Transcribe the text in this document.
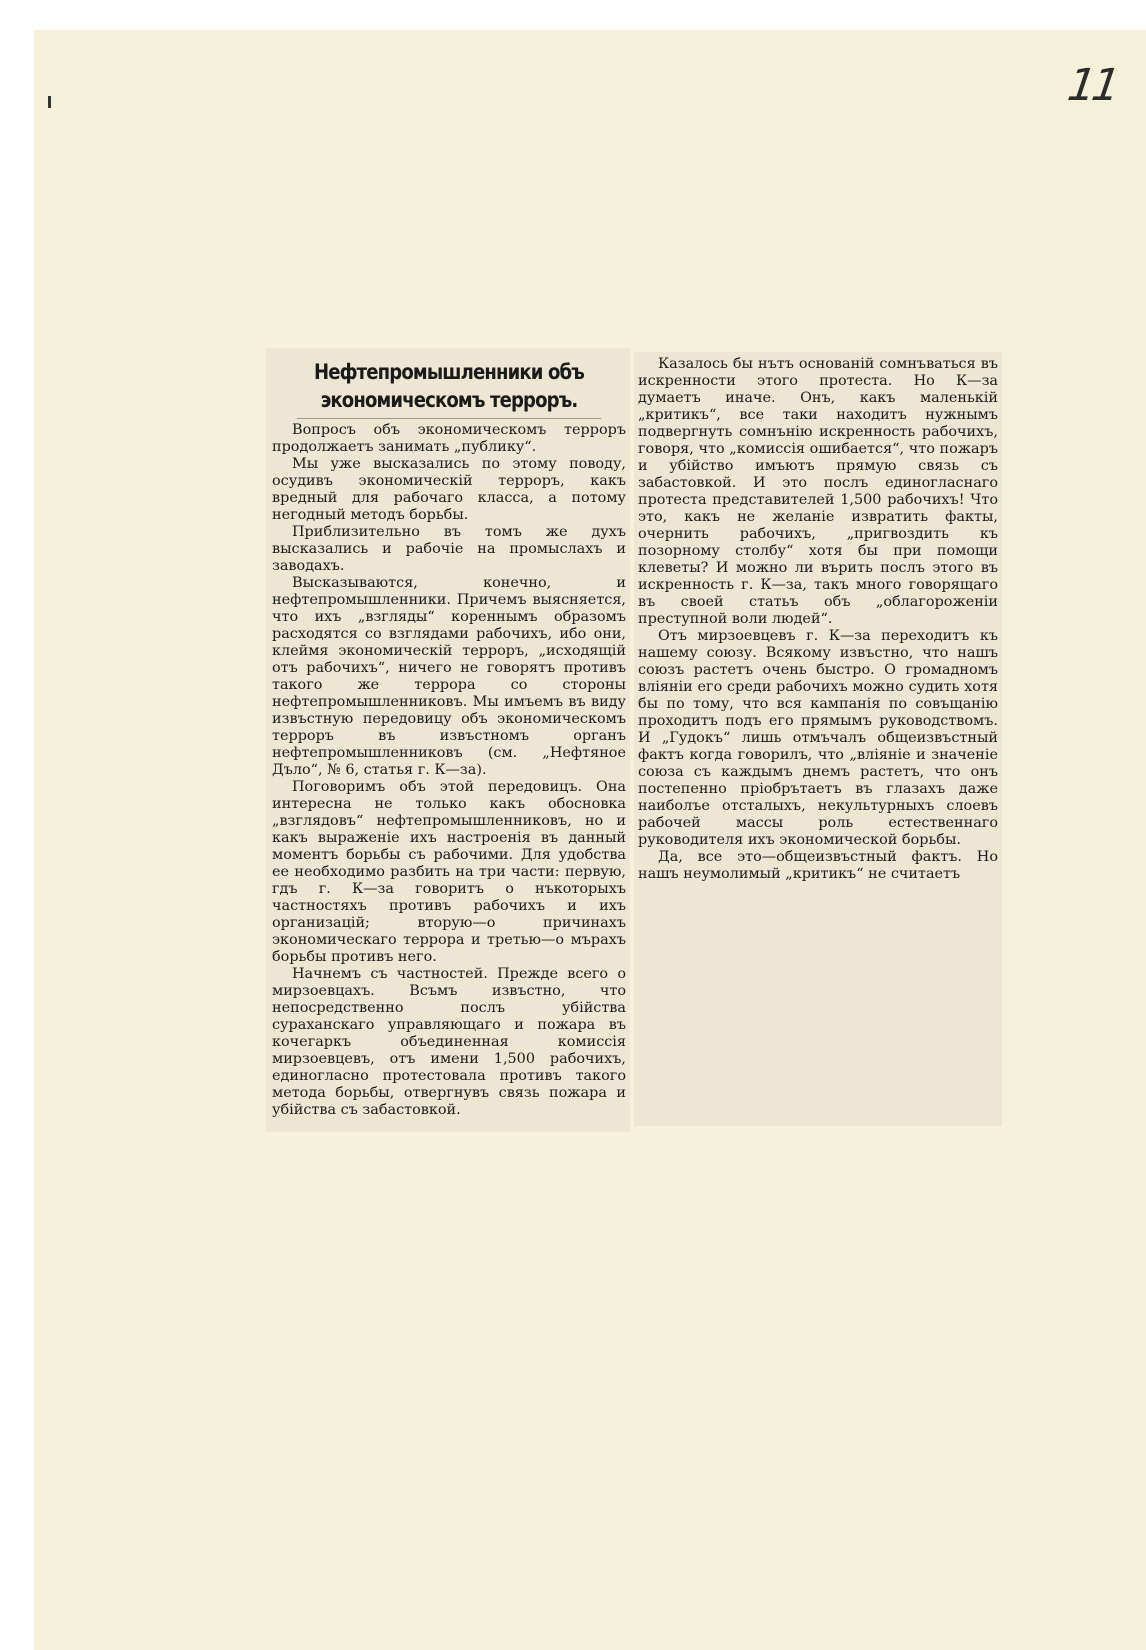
11
Нефтепромышленники объ экономическомъ терроръ.

Вопросъ объ экономическомъ терроръ продолжаетъ занимать „публику“.

Мы уже высказались по этому поводу, осудивъ экономическій терроръ, какъ вредный для рабочаго класса, а потому негодный методъ борьбы.

Приблизительно въ томъ же духъ высказались и рабочіе на промыслахъ и заводахъ.

Высказываются, конечно, и нефтепромышленники. Причемъ выясняется, что ихъ „взгляды“ кореннымъ образомъ расходятся со взглядами рабочихъ, ибо они, клеймя экономическій терроръ, „исходящій отъ рабочихъ“, ничего не говорятъ противъ такого же террора со стороны нефтепромышленниковъ. Мы имъемъ въ виду извъстную передовицу объ экономическомъ терроръ въ извъстномъ органъ нефтепромышленниковъ (см. „Нефтяное Дъло“, № 6, статья г. К—за).

Поговоримъ объ этой передовицъ. Она интересна не только какъ обосновка „взглядовъ“ нефтепромышленниковъ, но и какъ выраженіе ихъ настроенія въ данный моментъ борьбы съ рабочими. Для удобства ее необходимо разбить на три части: первую, гдъ г. К—за говоритъ о нъкоторыхъ частностяхъ противъ рабочихъ и ихъ организацій; вторую—о причинахъ экономическаго террора и третью—о мърахъ борьбы противъ него.

Начнемъ съ частностей. Прежде всего о мирзоевцахъ. Всъмъ извъстно, что непосредственно послъ убійства сураханскаго управляющаго и пожара въ кочегаркъ объединенная комиссія мирзоевцевъ, отъ имени 1,500 рабочихъ, единогласно протестовала противъ такого метода борьбы, отвергнувъ связь пожара и убійства съ забастовкой.

Казалось бы нътъ основаній сомнъваться въ искренности этого протеста. Но К—за думаетъ иначе. Онъ, какъ маленькій „критикъ“, все таки находитъ нужнымъ подвергнуть сомнънію искренность рабочихъ, говоря, что „комиссія ошибается“, что пожаръ и убійство имъютъ прямую связь съ забастовкой. И это послъ единогласнаго протеста представителей 1,500 рабочихъ! Что это, какъ не желаніе извратить факты, очернить рабочихъ, „пригвоздить къ позорному столбу“ хотя бы при помощи клеветы? И можно ли върить послъ этого въ искренность г. К—за, такъ много говорящаго въ своей статьъ объ „облагороженіи преступной воли людей“.

Отъ мирзоевцевъ г. К—за переходитъ къ нашему союзу. Всякому извъстно, что нашъ союзъ растетъ очень быстро. О громадномъ вліяніи его среди рабочихъ можно судить хотя бы по тому, что вся кампанія по совъщанію проходитъ подъ его прямымъ руководствомъ. И „Гудокъ“ лишь отмъчалъ общеизвъстный фактъ когда говорилъ, что „вліяніе и значеніе союза съ каждымъ днемъ растетъ, что онъ постепенно пріобрътаетъ въ глазахъ даже наиболъе отсталыхъ, некультурныхъ слоевъ рабочей массы роль естественнаго руководителя ихъ экономической борьбы.

Да, все это—общеизвъстный фактъ. Но нашъ неумолимый „критикъ“ не считаетъ
